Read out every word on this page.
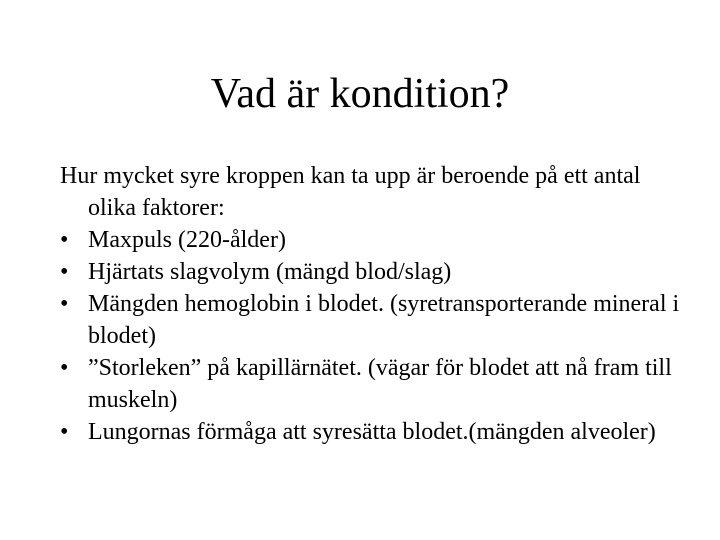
Vad är kondition?

Hur mycket syre kroppen kan ta upp är beroende på ett antal olika faktorer:

• Maxpuls (220-ålder)
• Hjärtats slagvolym (mängd blod/slag)
• Mängden hemoglobin i blodet. (syretransporterande mineral i blodet)
• ”Storleken” på kapillärnätet. (vägar för blodet att nå fram till muskeln)
• Lungornas förmåga att syresätta blodet.(mängden alveoler)
